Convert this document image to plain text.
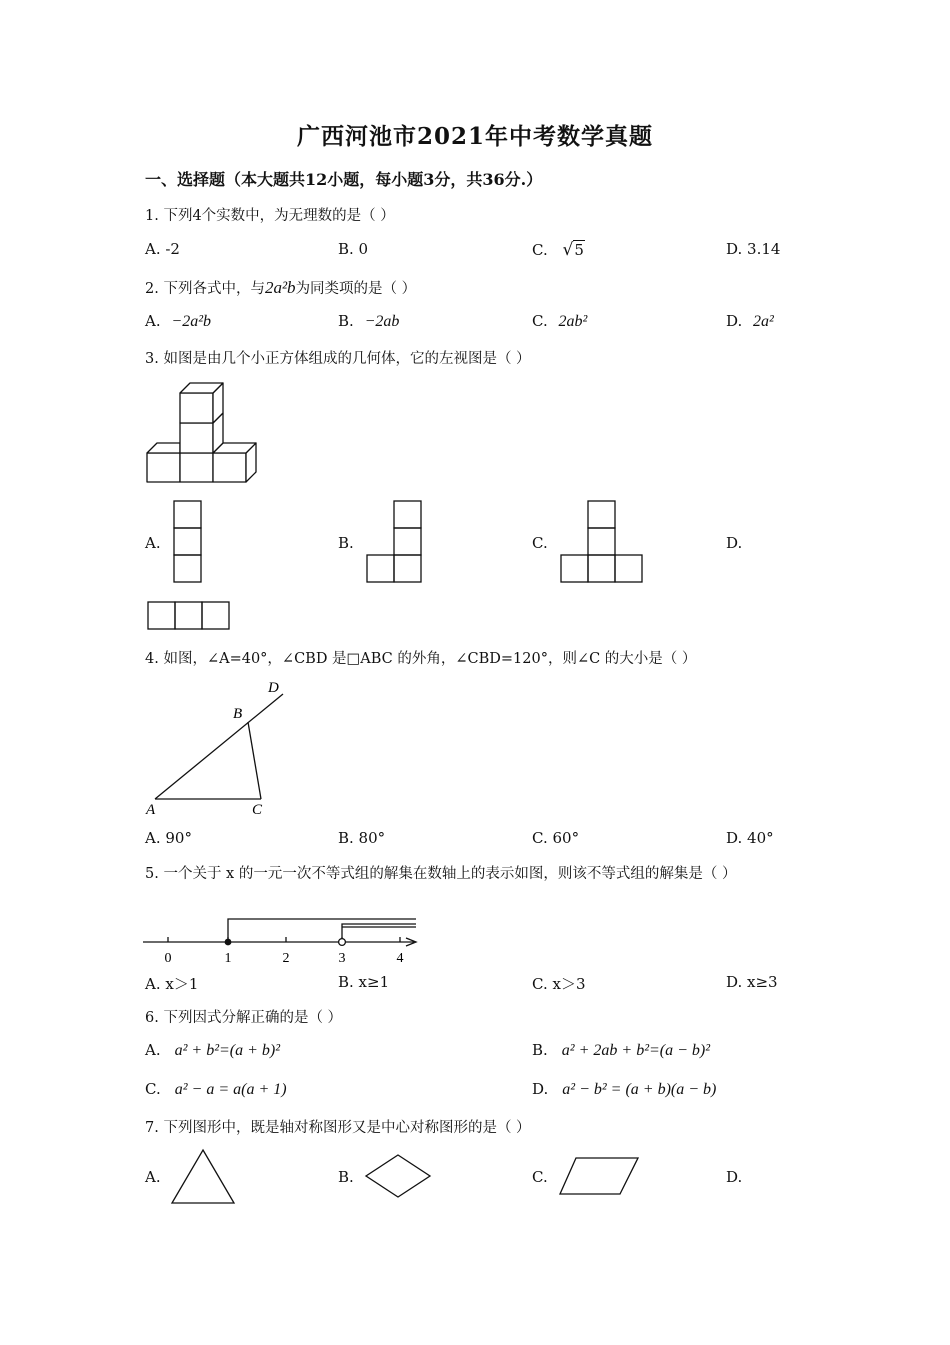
广西河池市2021年中考数学真题
一、选择题（本大题共12小题，每小题3分，共36分.）
1. 下列4个实数中，为无理数的是（ ）
A. -2	B. 0	C. √5	D. 3.14
2. 下列各式中，与2a²b为同类项的是（ ）
A. −2a²b	B. −2ab	C. 2ab²	D. 2a²
3. 如图是由几个小正方体组成的几何体，它的左视图是（ ）
A.	B.	C.	D.
4. 如图，∠A=40°，∠CBD 是□ABC 的外角，∠CBD=120°，则∠C 的大小是（ ）
D
B
A	C
A. 90°	B. 80°	C. 60°	D. 40°
5. 一个关于 x 的一元一次不等式组的解集在数轴上的表示如图，则该不等式组的解集是（ ）
0	1	2	3	4
A. x＞1	B. x≥1	C. x＞3	D. x≥3
6. 下列因式分解正确的是（ ）
A. a² + b²=(a + b)²	B. a² + 2ab + b²=(a − b)²
C. a² − a = a(a + 1)	D. a² − b² = (a + b)(a − b)
7. 下列图形中，既是轴对称图形又是中心对称图形的是（ ）
A.	B.	C.	D.
